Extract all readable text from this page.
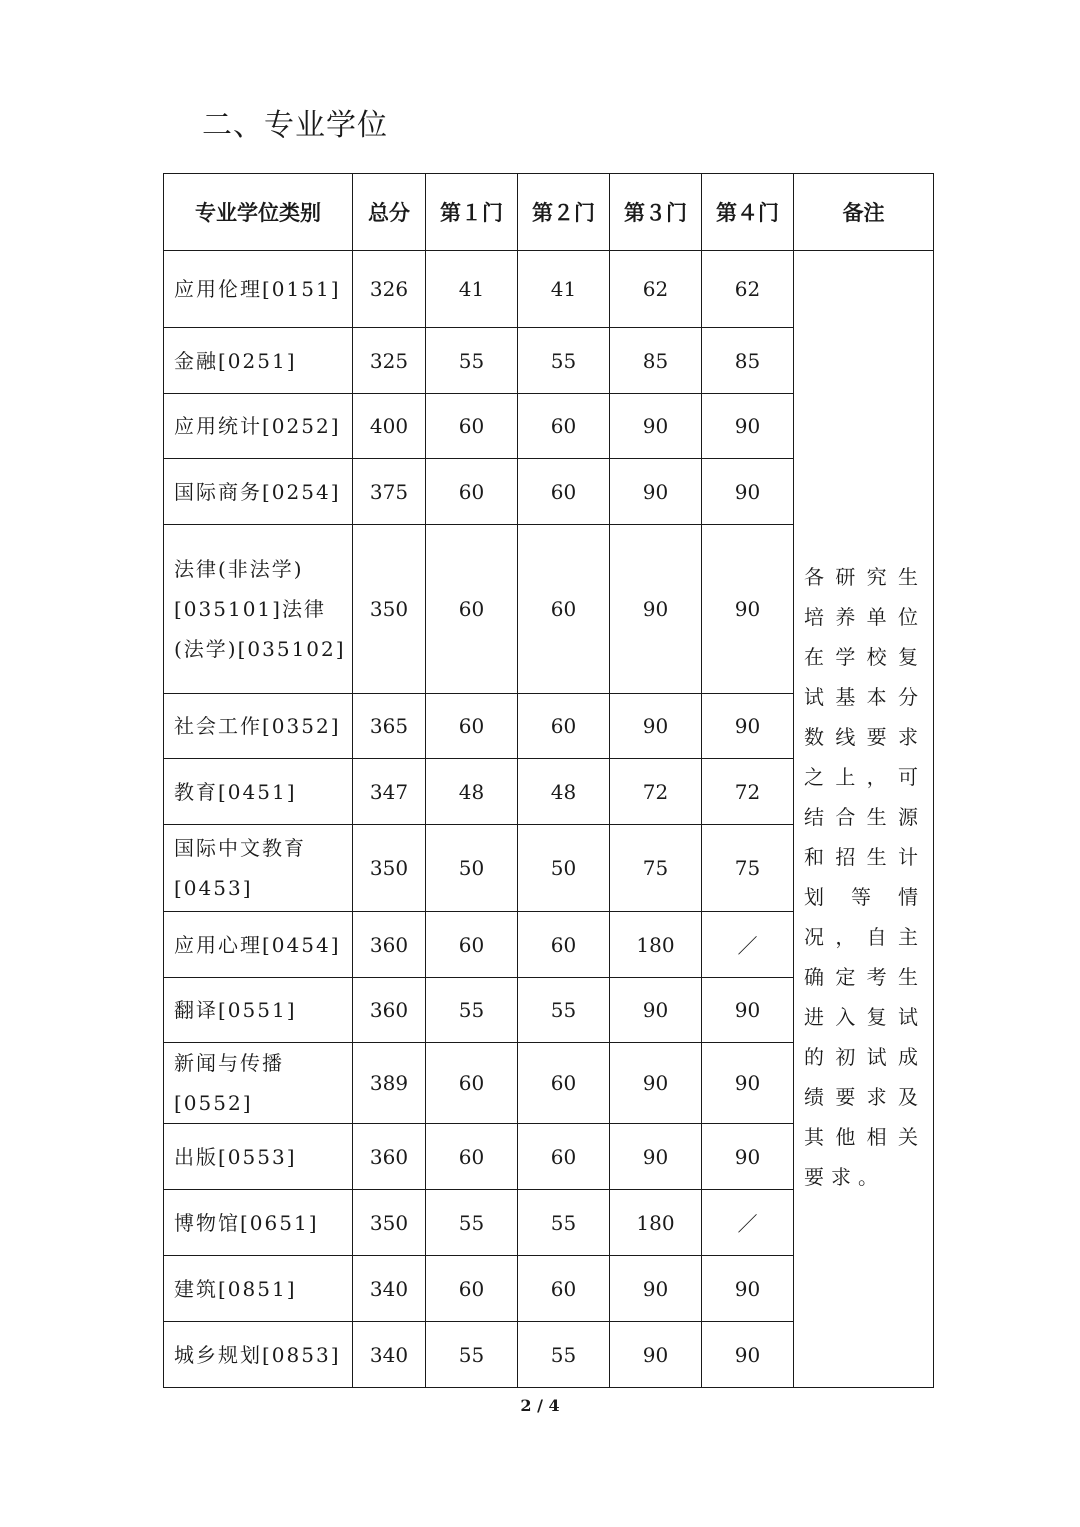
二、专业学位
专业学位类别	总分	第１门	第２门	第３门	第４门	备注
应用伦理[0151]	326	41	41	62	62	各研究生培养单位在学校复试基本分数线要求之上，可结合生源和招生计划等情况，自主确定考生进入复试的初试成绩要求及其他相关要求。
金融[0251]	325	55	55	85	85	
应用统计[0252]	400	60	60	90	90	
国际商务[0254]	375	60	60	90	90	
法律(非法学)[035101]法律(法学)[035102]	350	60	60	90	90	
社会工作[0352]	365	60	60	90	90	
教育[0451]	347	48	48	72	72	
国际中文教育[0453]	350	50	50	75	75	
应用心理[0454]	360	60	60	180	／	
翻译[0551]	360	55	55	90	90	
新闻与传播[0552]	389	60	60	90	90	
出版[0553]	360	60	60	90	90	
博物馆[0651]	350	55	55	180	／	
建筑[0851]	340	60	60	90	90	
城乡规划[0853]	340	55	55	90	90	
2 / 4
